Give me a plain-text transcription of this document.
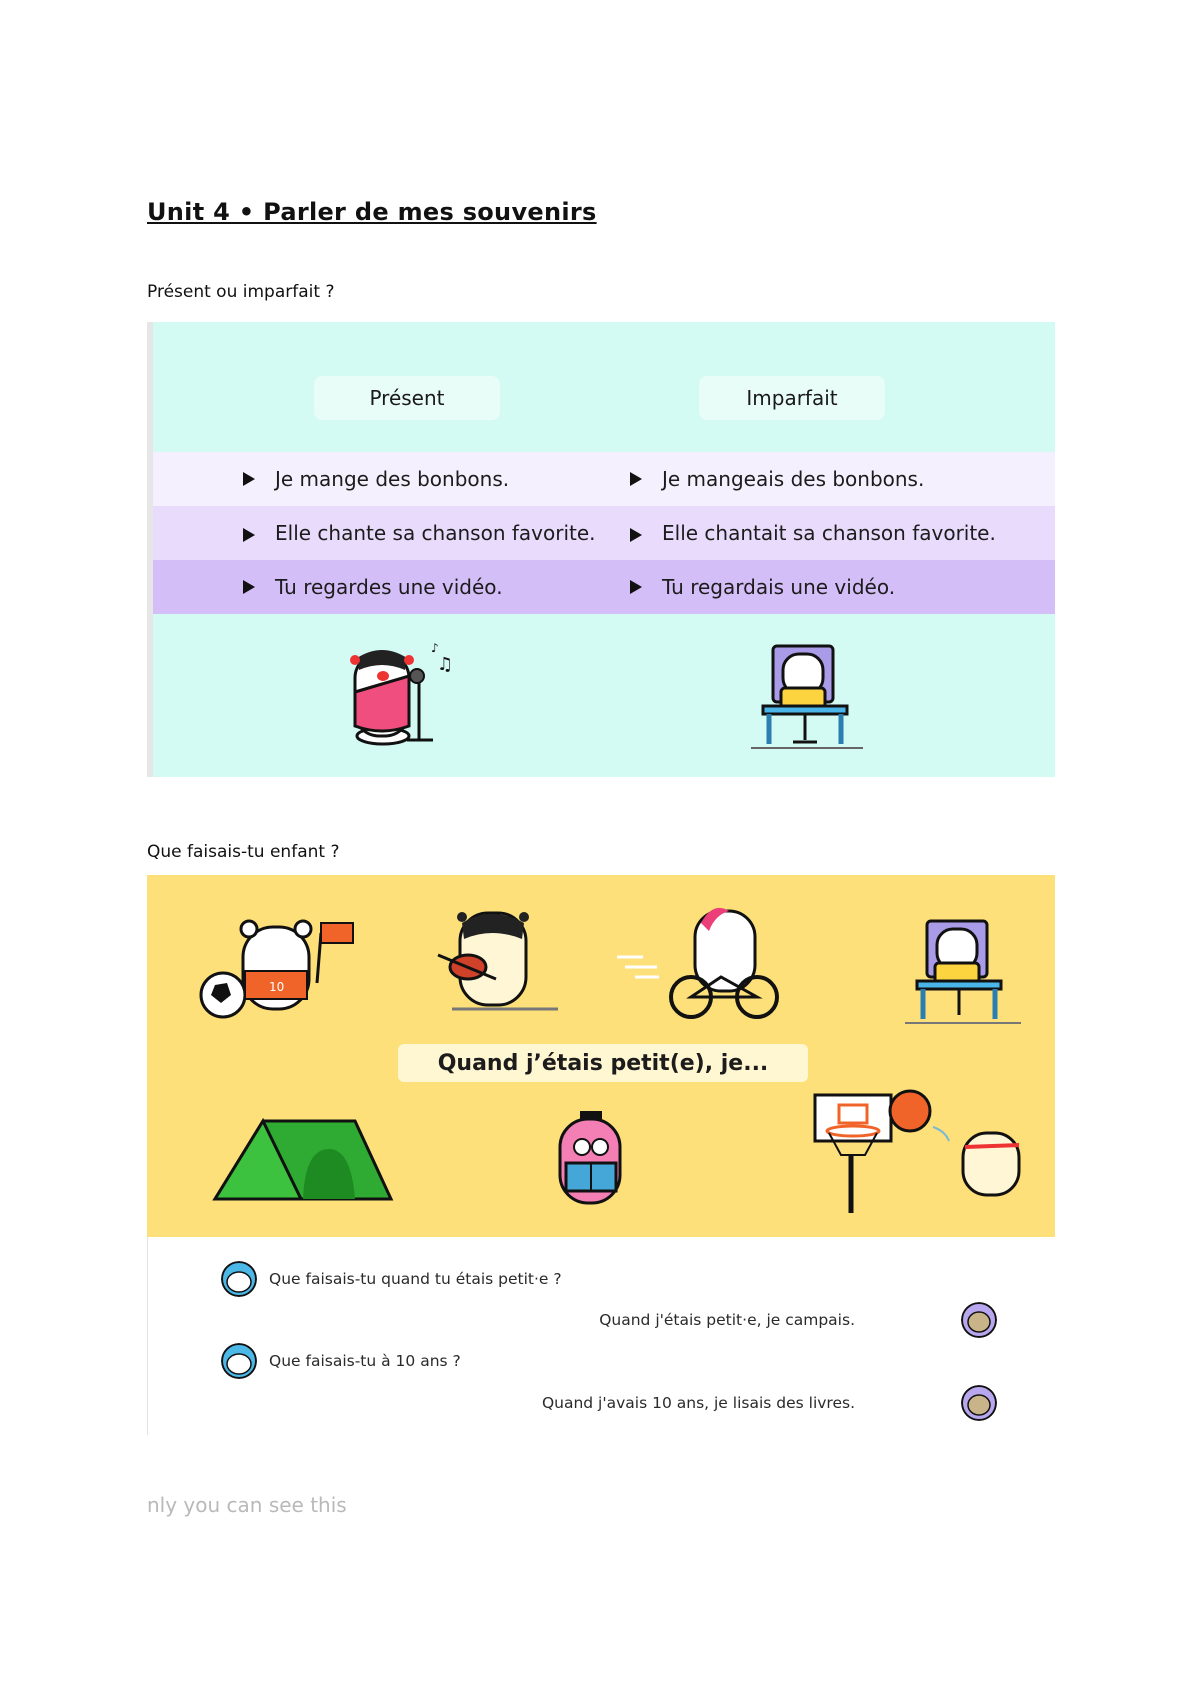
Unit 4 • Parler de mes souvenirs
Présent ou imparfait ?
Présent	Imparfait
Je mange des bonbons.	Je mangeais des bonbons.
Elle chante sa chanson favorite.	Elle chantait sa chanson favorite.
Tu regardes une vidéo.	Tu regardais une vidéo.
♫
♪
Que faisais-tu enfant ?
10
Quand j’étais petit(e), je...
Que faisais-tu quand tu étais petit·e ?
Quand j'étais petit·e, je campais.
Que faisais-tu à 10 ans ?
Quand j'avais 10 ans, je lisais des livres.
nly you can see this
